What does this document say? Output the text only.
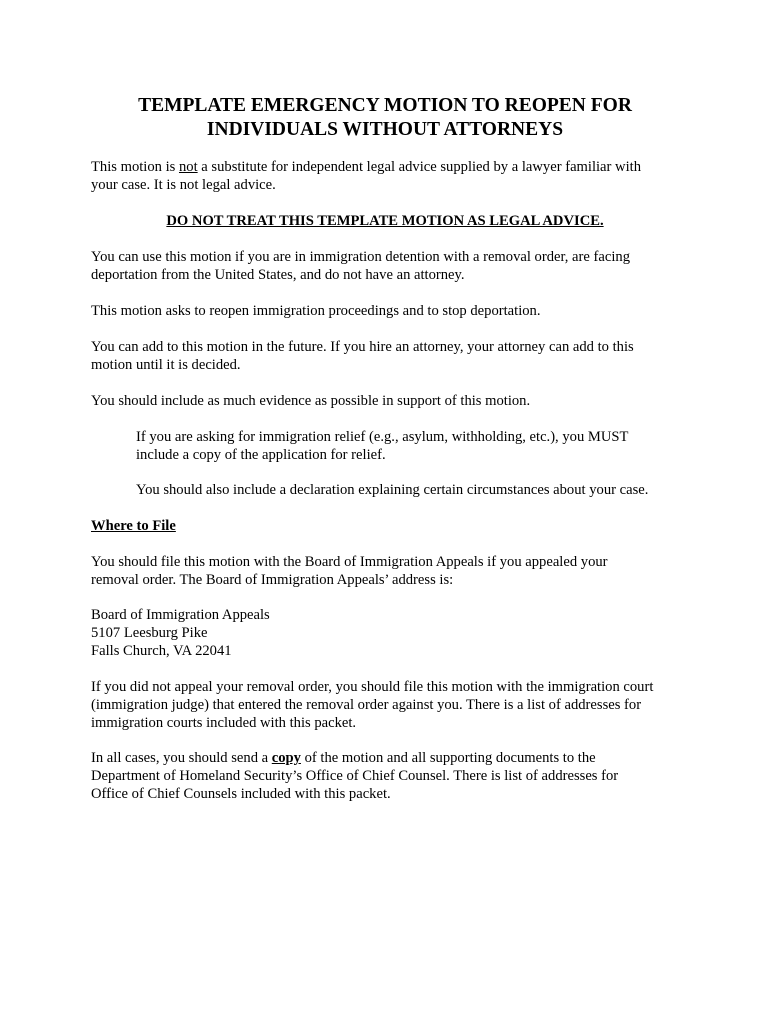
TEMPLATE EMERGENCY MOTION TO REOPEN FOR
INDIVIDUALS WITHOUT ATTORNEYS

This motion is not a substitute for independent legal advice supplied by a lawyer familiar with
your case. It is not legal advice.

DO NOT TREAT THIS TEMPLATE MOTION AS LEGAL ADVICE.

You can use this motion if you are in immigration detention with a removal order, are facing
deportation from the United States, and do not have an attorney.

This motion asks to reopen immigration proceedings and to stop deportation.

You can add to this motion in the future. If you hire an attorney, your attorney can add to this
motion until it is decided.

You should include as much evidence as possible in support of this motion.

If you are asking for immigration relief (e.g., asylum, withholding, etc.), you MUST
include a copy of the application for relief.

You should also include a declaration explaining certain circumstances about your case.

Where to File

You should file this motion with the Board of Immigration Appeals if you appealed your
removal order. The Board of Immigration Appeals’ address is:

Board of Immigration Appeals
5107 Leesburg Pike
Falls Church, VA 22041

If you did not appeal your removal order, you should file this motion with the immigration court
(immigration judge) that entered the removal order against you. There is a list of addresses for
immigration courts included with this packet.

In all cases, you should send a copy of the motion and all supporting documents to the
Department of Homeland Security’s Office of Chief Counsel. There is list of addresses for
Office of Chief Counsels included with this packet.
